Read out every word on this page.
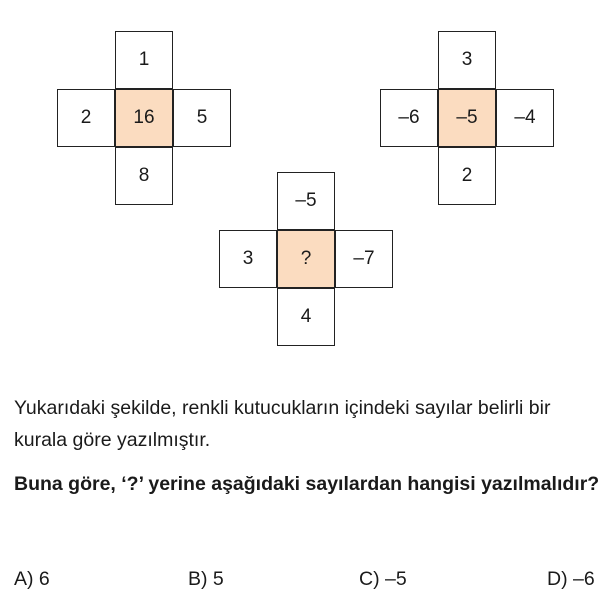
1
2	16	5
8
3
–6	–5	–4
2
–5
3	?	–7
4

Yukarıdaki şekilde, renkli kutucukların içindeki sayılar belirli bir kurala göre yazılmıştır.

Buna göre, ‘?’ yerine aşağıdaki sayılardan hangisi yazılmalıdır?

A) 6	B) 5	C) –5	D) –6
